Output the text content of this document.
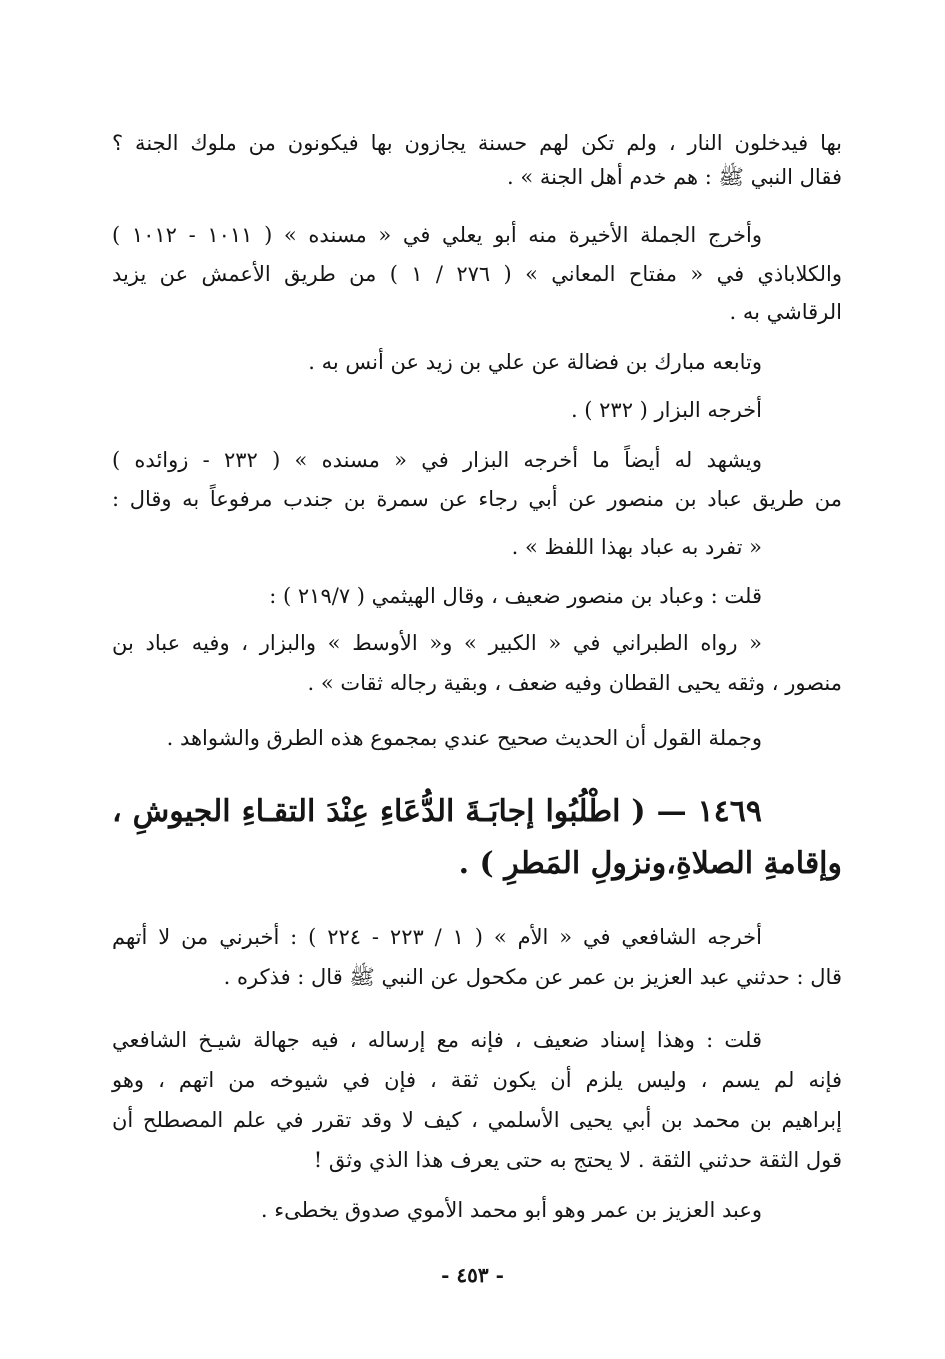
بها فيدخلون النار ، ولم تكن لهم حسنة يجازون بها فيكونون من ملوك الجنة ؟
فقال النبي ﷺ : هم خدم أهل الجنة » .
وأخرج الجملة الأخيرة منه أبو يعلي في « مسنده » ( ١٠١١ - ١٠١٢ )
والكلاباذي في « مفتاح المعاني » ( ٢٧٦ / ١ ) من طريق الأعمش عن يزيد
الرقاشي به .
وتابعه مبارك بن فضالة عن علي بن زيد عن أنس به .
أخرجه البزار ( ٢٣٢ ) .
ويشهد له أيضاً ما أخرجه البزار في « مسنده » ( ٢٣٢ - زوائده )
من طريق عباد بن منصور عن أبي رجاء عن سمرة بن جندب مرفوعاً به وقال :
« تفرد به عباد بهذا اللفظ » .
قلت : وعباد بن منصور ضعيف ، وقال الهيثمي ( ٢١٩/٧ ) :
« رواه الطبراني في « الكبير » و« الأوسط » والبزار ، وفيه عباد بن
منصور ، وثقه يحيى القطان وفيه ضعف ، وبقية رجاله ثقات » .
وجملة القول أن الحديث صحيح عندي بمجموع هذه الطرق والشواهد .
١٤٦٩ — ( اطْلُبُوا إجابَـةَ الدُّعَاءِ عِنْدَ التقـاءِ الجيوشِ ،
وإقامةِ الصلاةِ،ونزولِ المَطرِ ) .
أخرجه الشافعي في « الأم » ( ١ / ٢٢٣ - ٢٢٤ ) : أخبرني من لا أتهم
قال : حدثني عبد العزيز بن عمر عن مكحول عن النبي ﷺ قال : فذكره .
قلت : وهذا إسناد ضعيف ، فإنه مع إرساله ، فيه جهالة شيـخ الشافعي
فإنه لم يسم ، وليس يلزم أن يكون ثقة ، فإن في شيوخه من اتهم ، وهو
إبراهيم بن محمد بن أبي يحيى الأسلمي ، كيف لا وقد تقرر في علم المصطلح أن
قول الثقة حدثني الثقة . لا يحتج به حتى يعرف هذا الذي وثق !
وعبد العزيز بن عمر وهو أبو محمد الأموي صدوق يخطىء .
- ٤٥٣ -
